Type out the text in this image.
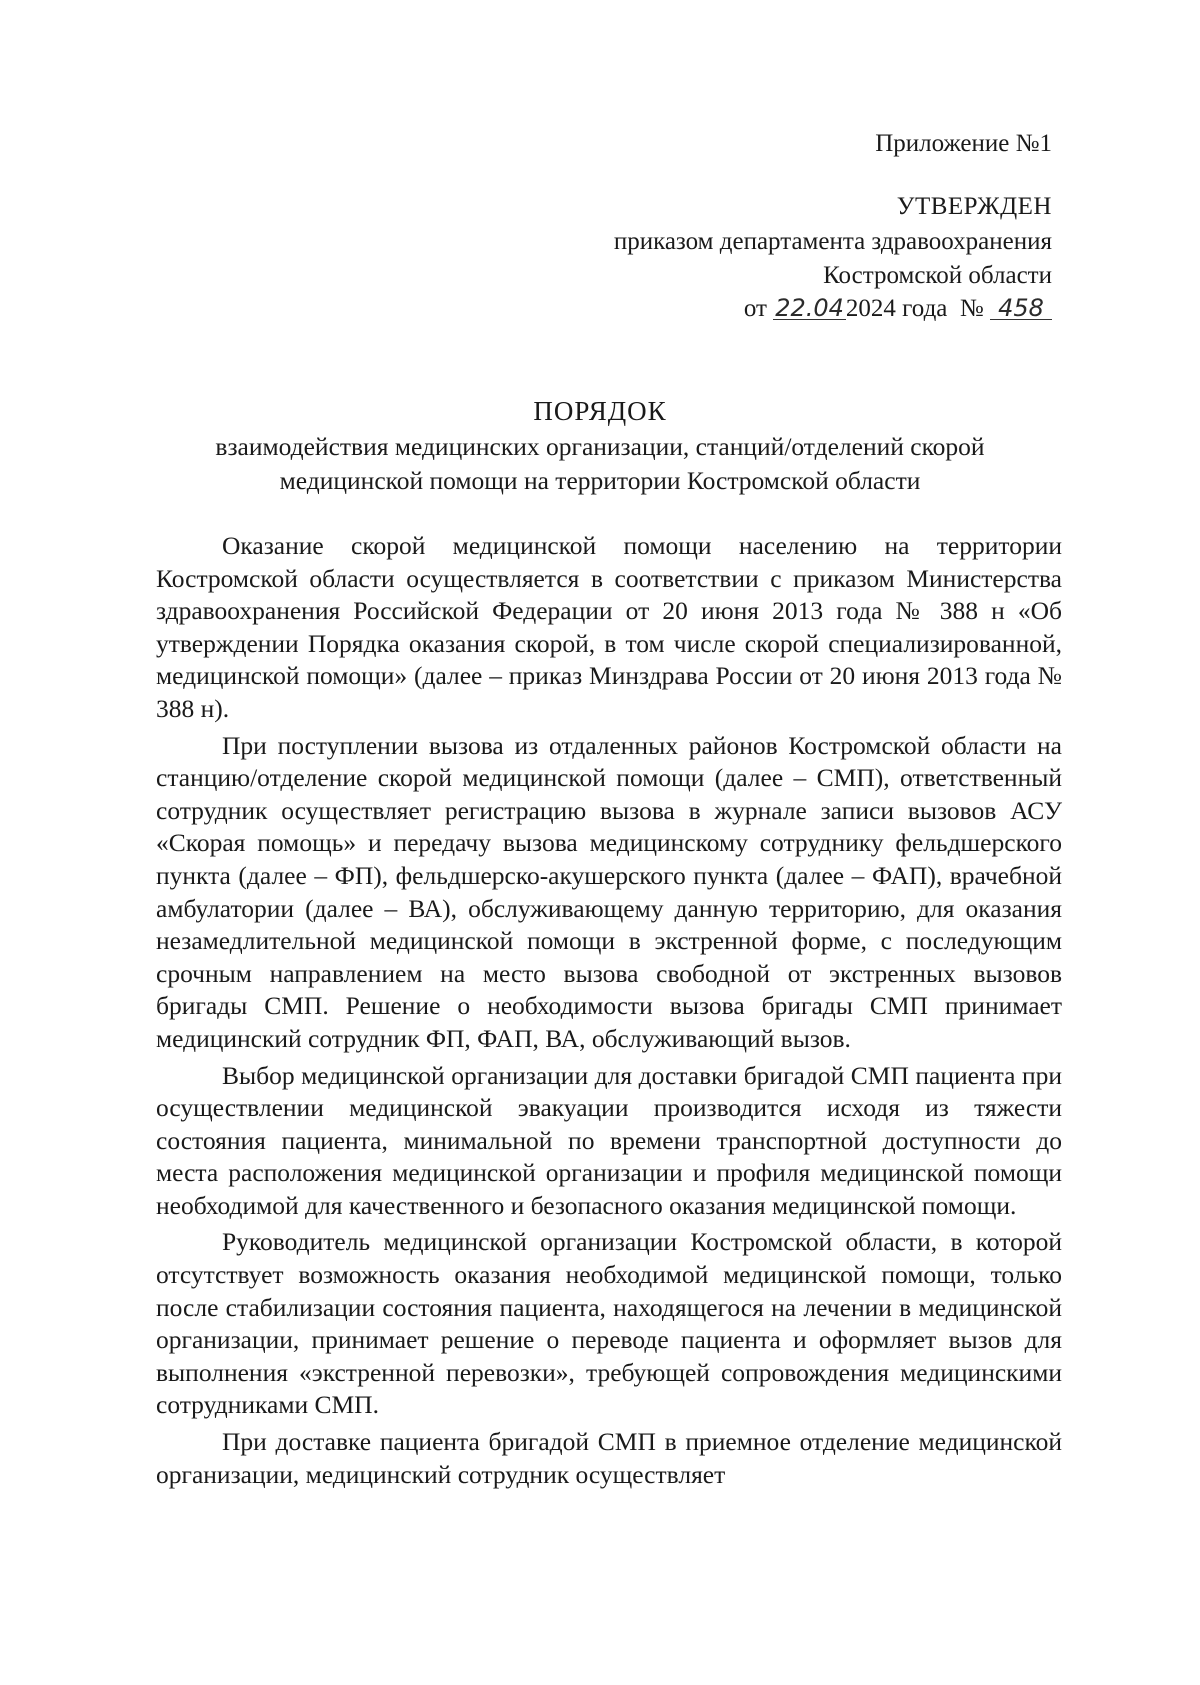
Приложение №1
УТВЕРЖДЕН
приказом департамента здравоохранения
Костромской области
от 22.042024 года № 458
ПОРЯДОК
взаимодействия медицинских организации, станций/отделений скорой
медицинской помощи на территории Костромской области

Оказание скорой медицинской помощи населению на территории Костромской области осуществляется в соответствии с приказом Министерства здравоохранения Российской Федерации от 20 июня 2013 года № 388 н «Об утверждении Порядка оказания скорой, в том числе скорой специализированной, медицинской помощи» (далее – приказ Минздрава России от 20 июня 2013 года № 388 н).

При поступлении вызова из отдаленных районов Костромской области на станцию/отделение скорой медицинской помощи (далее – СМП), ответственный сотрудник осуществляет регистрацию вызова в журнале записи вызовов АСУ «Скорая помощь» и передачу вызова медицинскому сотруднику фельдшерского пункта (далее – ФП), фельдшерско-акушерского пункта (далее – ФАП), врачебной амбулатории (далее – ВА), обслуживающему данную территорию, для оказания незамедлительной медицинской помощи в экстренной форме, с последующим срочным направлением на место вызова свободной от экстренных вызовов бригады СМП. Решение о необходимости вызова бригады СМП принимает медицинский сотрудник ФП, ФАП, ВА, обслуживающий вызов.

Выбор медицинской организации для доставки бригадой СМП пациента при осуществлении медицинской эвакуации производится исходя из тяжести состояния пациента, минимальной по времени транспортной доступности до места расположения медицинской организации и профиля медицинской помощи необходимой для качественного и безопасного оказания медицинской помощи.

Руководитель медицинской организации Костромской области, в которой отсутствует возможность оказания необходимой медицинской помощи, только после стабилизации состояния пациента, находящегося на лечении в медицинской организации, принимает решение о переводе пациента и оформляет вызов для выполнения «экстренной перевозки», требующей сопровождения медицинскими сотрудниками СМП.

При доставке пациента бригадой СМП в приемное отделение медицинской организации, медицинский сотрудник осуществляет
